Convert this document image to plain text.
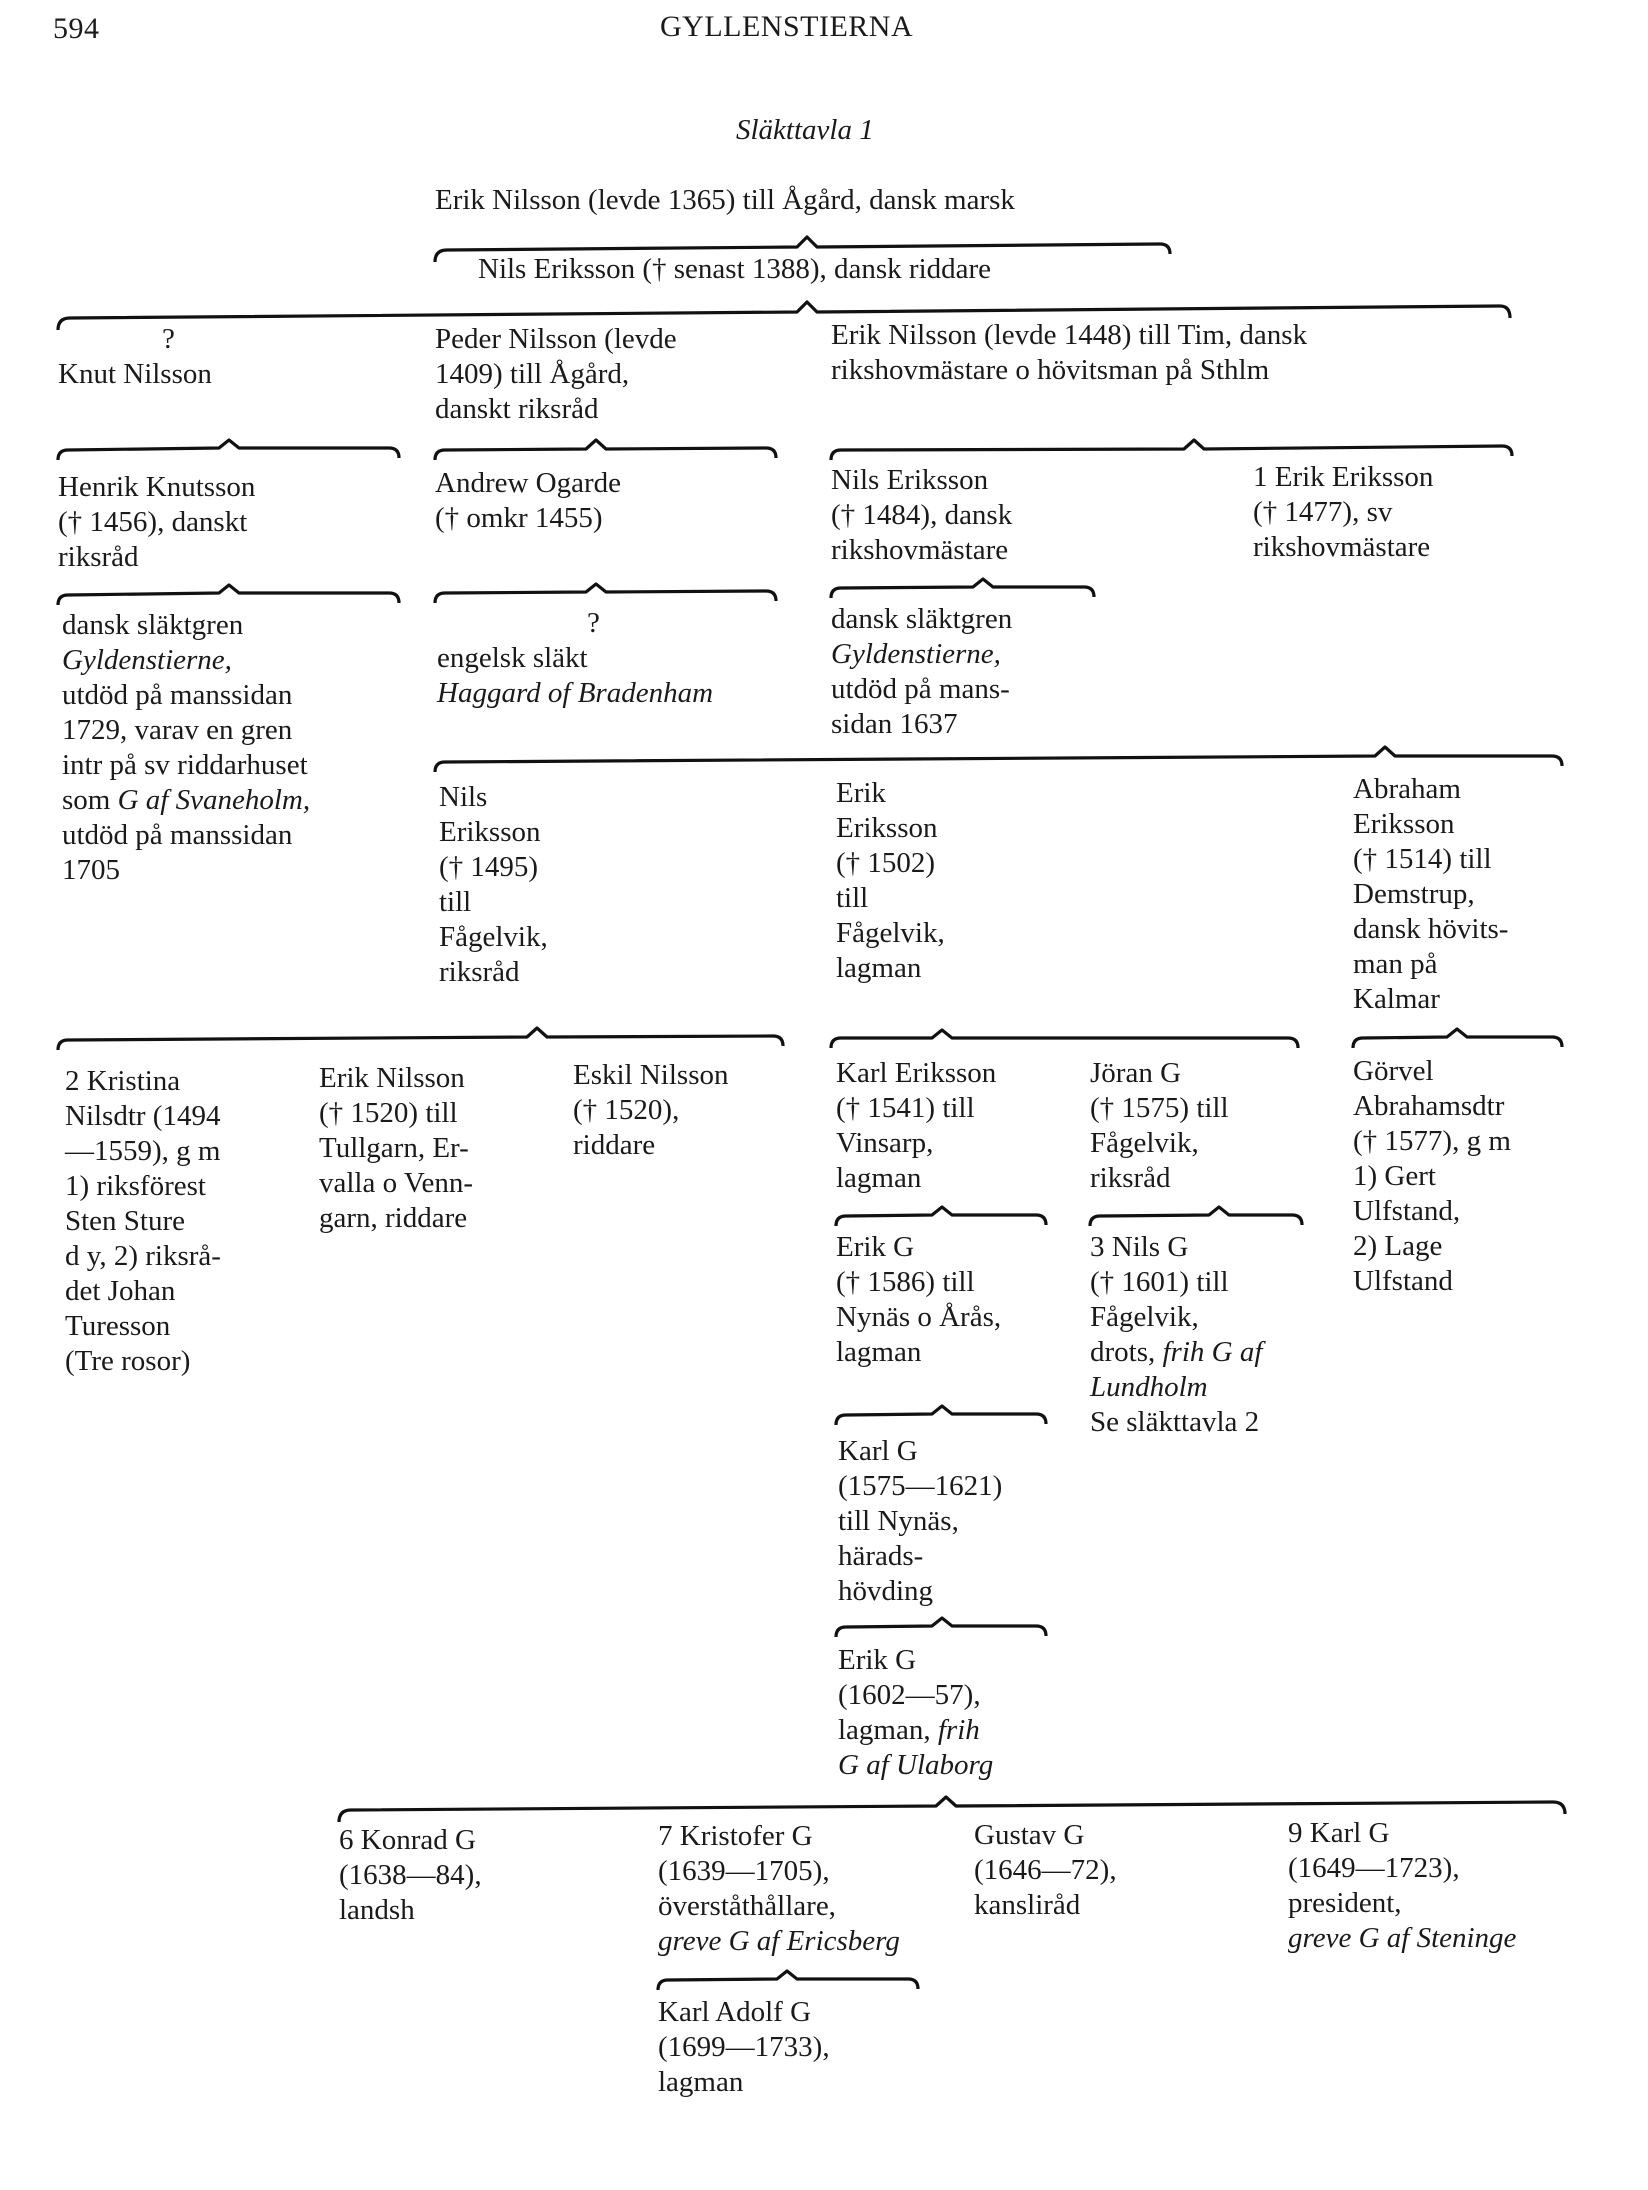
594	GYLLENSTIERNA
Släkttavla 1
Erik Nilsson (levde 1365) till Ågård, dansk marsk
Nils Eriksson († senast 1388), dansk riddare
?
Knut Nilsson
Peder Nilsson (levde
1409) till Ågård,
danskt riksråd
Erik Nilsson (levde 1448) till Tim, dansk
rikshovmästare o hövitsman på Sthlm
Henrik Knutsson
(† 1456), danskt
riksråd
Andrew Ogarde
(† omkr 1455)
Nils Eriksson
(† 1484), dansk
rikshovmästare
1 Erik Eriksson
(† 1477), sv
rikshovmästare
dansk släktgren
Gyldenstierne,
utdöd på manssidan
1729, varav en gren
intr på sv riddarhuset
som G af Svaneholm,
utdöd på manssidan
1705
?
engelsk släkt
Haggard of Bradenham
dansk släktgren
Gyldenstierne,
utdöd på mans-
sidan 1637
Nils
Eriksson
(† 1495)
till
Fågelvik,
riksråd
Erik
Eriksson
(† 1502)
till
Fågelvik,
lagman
Abraham
Eriksson
(† 1514) till
Demstrup,
dansk hövits-
man på
Kalmar
2 Kristina
Nilsdtr (1494
—1559), g m
1) riksförest
Sten Sture
d y, 2) riksrå-
det Johan
Turesson
(Tre rosor)
Erik Nilsson
(† 1520) till
Tullgarn, Er-
valla o Venn-
garn, riddare
Eskil Nilsson
(† 1520),
riddare
Karl Eriksson
(† 1541) till
Vinsarp,
lagman
Jöran G
(† 1575) till
Fågelvik,
riksråd
Görvel
Abrahamsdtr
(† 1577), g m
1) Gert
Ulfstand,
2) Lage
Ulfstand
Erik G
(† 1586) till
Nynäs o Årås,
lagman
3 Nils G
(† 1601) till
Fågelvik,
drots, frih G af
Lundholm
Se släkttavla 2
Karl G
(1575—1621)
till Nynäs,
härads-
hövding
Erik G
(1602—57),
lagman, frih
G af Ulaborg
6 Konrad G
(1638—84),
landsh
7 Kristofer G
(1639—1705),
överståthållare,
greve G af Ericsberg
Gustav G
(1646—72),
kansliråd
9 Karl G
(1649—1723),
president,
greve G af Steninge
Karl Adolf G
(1699—1733),
lagman
